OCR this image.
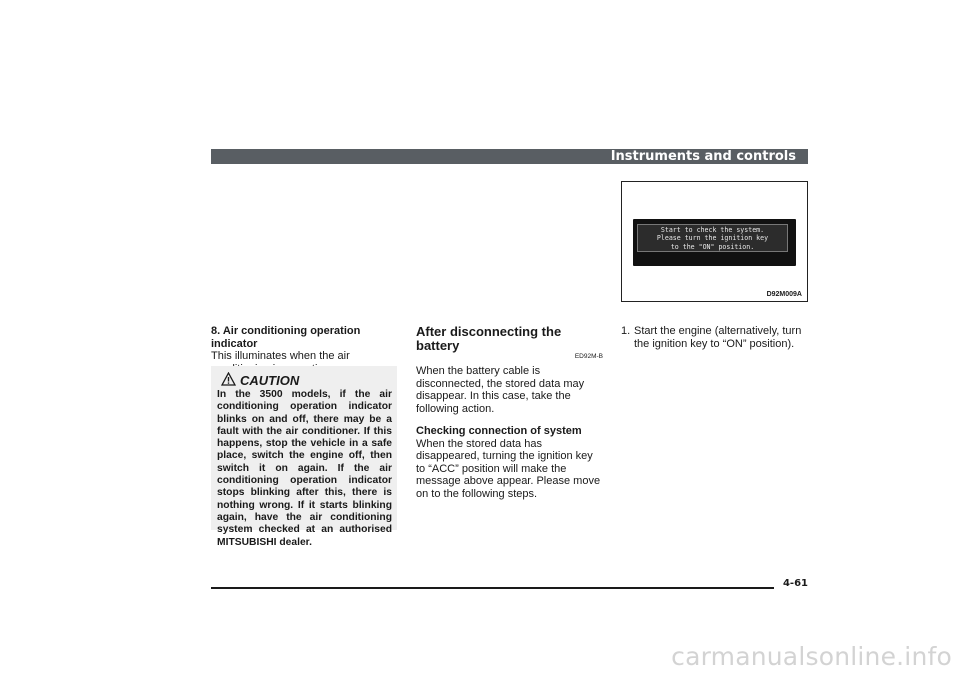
Instruments and controls
Start to check the system.
Please turn the ignition key
to the "ON" position.
D92M009A

8. Air conditioning operation indicator

This illuminates when the air

CAUTION
In the 3500 models, if the air conditioning operation indicator blinks on and off, there may be a fault with the air conditioner. If this happens, stop the vehicle in a safe place, switch the engine off, then switch it on again. If the air conditioning operation indicator stops blinking after this, there is nothing wrong. If it starts blinking again, have the air conditioning system checked at an authorised MITSUBISHI dealer.
After disconnecting the battery
ED92M-B

When the battery cable is disconnected, the stored data may disappear. In this case, take the following action.

Checking connection of system

When the stored data has disappeared, turning the ignition key to “ACC” position will make the message above appear. Please move on to the following steps.

1. Start the engine (alternatively, turn the ignition key to “ON” position).
4-61
carmanualsonline.info
